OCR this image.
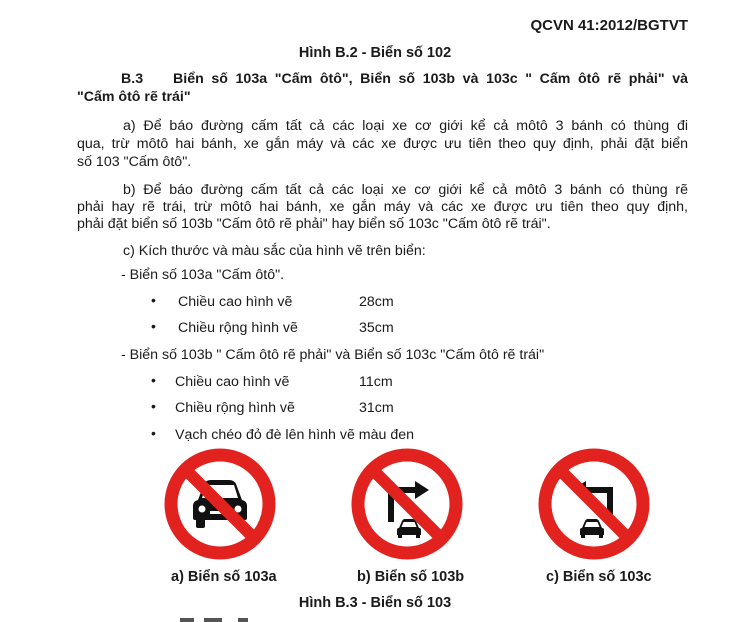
QCVN 41:2012/BGTVT
Hình B.2 - Biển số 102
B.3 Biển số 103a "Cấm ôtô", Biển số 103b và 103c " Cấm ôtô rẽ phải" và
"Cấm ôtô rẽ trái"
a) Để báo đường cấm tất cả các loại xe cơ giới kể cả môtô 3 bánh có thùng đi
qua, trừ môtô hai bánh, xe gắn máy và các xe được ưu tiên theo quy định, phải đặt biển
số 103 "Cấm ôtô".
b) Để báo đường cấm tất cả các loại xe cơ giới kể cả môtô 3 bánh có thùng rẽ
phải hay rẽ trái, trừ môtô hai bánh, xe gắn máy và các xe được ưu tiên theo quy định,
phải đặt biển số 103b "Cấm ôtô rẽ phải" hay biển số 103c "Cấm ôtô rẽ trái".
c) Kích thước và màu sắc của hình vẽ trên biển:
- Biển số 103a "Cấm ôtô".
• Chiều cao hình vẽ	28cm
• Chiều rộng hình vẽ	35cm
- Biển số 103b " Cấm ôtô rẽ phải" và Biển số 103c "Cấm ôtô rẽ trái"
• Chiều cao hình vẽ	11cm
• Chiều rộng hình vẽ	31cm
• Vạch chéo đỏ đè lên hình vẽ màu đen
a) Biển số 103a	b) Biển số 103b	c) Biển số 103c
Hình B.3 - Biển số 103
